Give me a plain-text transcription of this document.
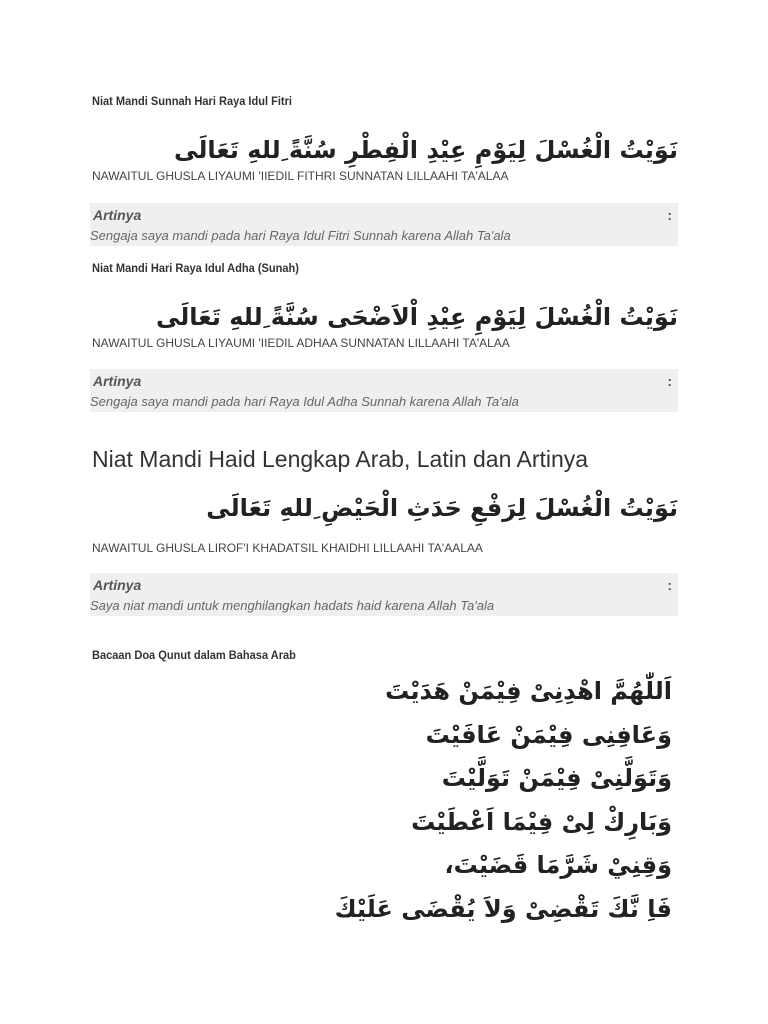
Niat Mandi Sunnah Hari Raya Idul Fitri
نَوَيْتُ الْغُسْلَ لِيَوْمِ عِيْدِ الْفِطْرِ سُنَّةً ِللهِ تَعَالَى
NAWAITUL GHUSLA LIYAUMI 'IIEDIL FITHRI SUNNATAN LILLAAHI TA'ALAA
Artinya	:
Sengaja saya mandi pada hari Raya Idul Fitri Sunnah karena Allah Ta'ala
Niat Mandi Hari Raya Idul Adha (Sunah)
نَوَيْتُ الْغُسْلَ لِيَوْمِ عِيْدِ اْلاَضْحَى سُنَّةً ِللهِ تَعَالَى
NAWAITUL GHUSLA LIYAUMI 'IIEDIL ADHAA SUNNATAN LILLAAHI TA'ALAA
Artinya	:
Sengaja saya mandi pada hari Raya Idul Adha Sunnah karena Allah Ta'ala
Niat Mandi Haid Lengkap Arab, Latin dan Artinya
نَوَيْتُ الْغُسْلَ لِرَفْعِ حَدَثِ الْحَيْضِ ِللهِ تَعَالَى
NAWAITUL GHUSLA LIROF'I KHADATSIL KHAIDHI LILLAAHI TA'AALAA
Artinya	:
Saya niat mandi untuk menghilangkan hadats haid karena Allah Ta'ala
Bacaan Doa Qunut dalam Bahasa Arab
اَللّٰهُمَّ اهْدِنِىْ فِيْمَنْ هَدَيْتَ
وَعَافِنِى فِيْمَنْ عَافَيْتَ
وَتَوَلَّنِىْ فِيْمَنْ تَوَلَّيْتَ
وَبَارِكْ لِىْ فِيْمَا اَعْطَيْتَ
وَقِنِيْ شَرَّمَا قَضَيْتَ،
فَاِ نَّكَ تَقْضِىْ وَلاَ يُقْضَى عَلَيْكَ
